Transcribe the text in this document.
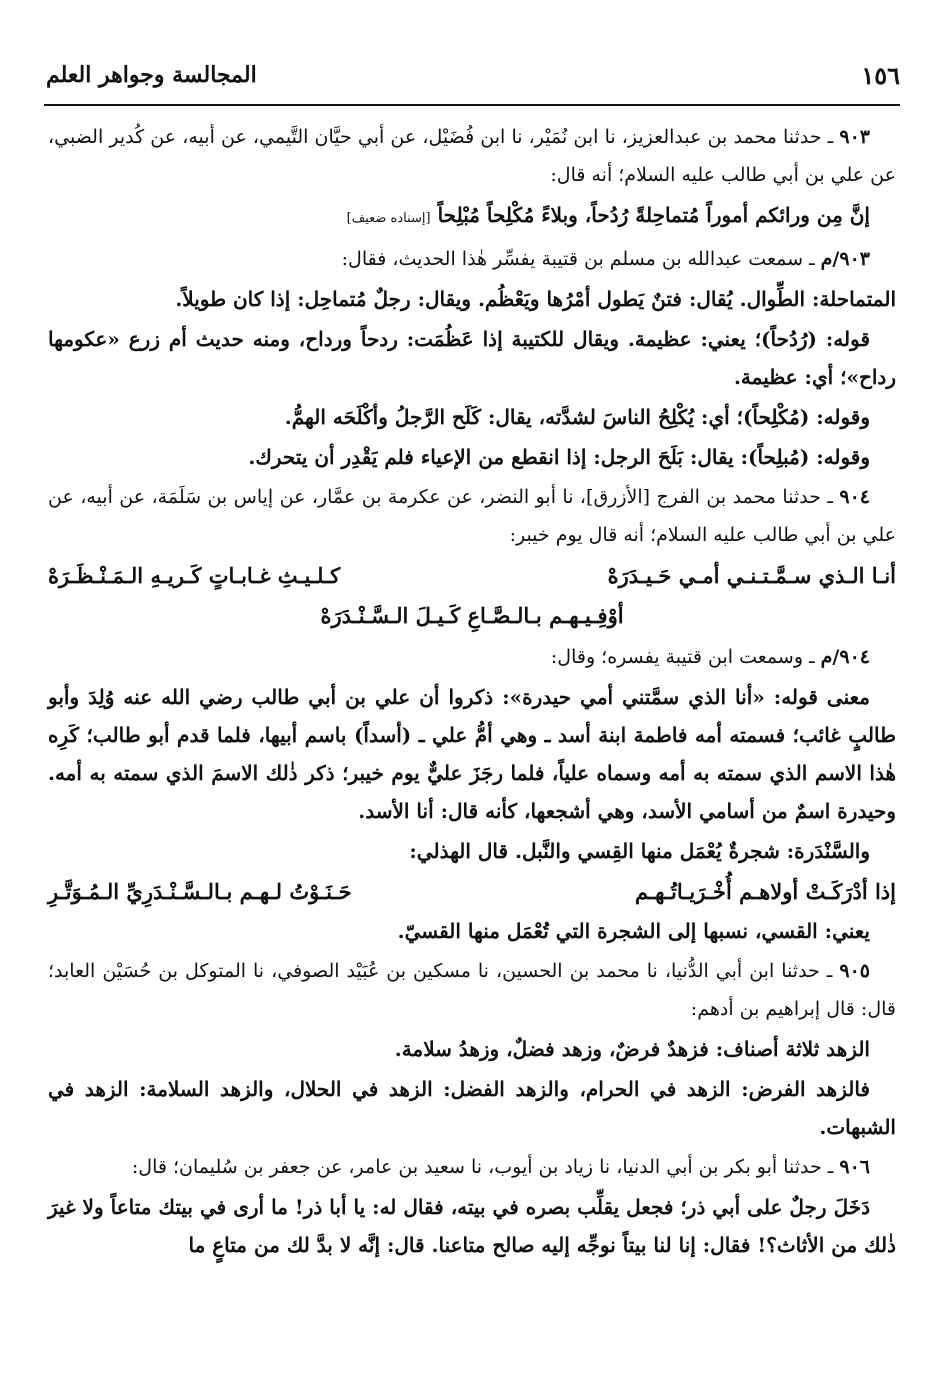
١٥٦
المجالسة وجواهر العلم

٩٠٣ ـ حدثنا محمد بن عبدالعزيز، نا ابن نُمَيْر، نا ابن فُضَيْل، عن أبي حيَّان التَّيمي، عن أبيه، عن كُدير الضبي، عن علي بن أبي طالب عليه السلام؛ أنه قال:

إنَّ مِن ورائكم أموراً مُتماحِلةً رُدُحاً، وبلاءً مُكْلِحاً مُبْلِحاً [إسناده ضعيف]

٩٠٣/م ـ سمعت عبدالله بن مسلم بن قتيبة يفسِّر هٰذا الحديث، فقال:

المتماحلة: الطِّوال. يُقال: فتنٌ يَطول أمْرُها ويَعْظُم. ويقال: رجلٌ مُتماحِل: إذا كان طويلاً.

قوله: (رُدُحاً)؛ يعني: عظيمة. ويقال للكتيبة إذا عَظُمَت: ردحاً ورداح، ومنه حديث أم زرع «عكومها رداح»؛ أي: عظيمة.

وقوله: (مُكْلِحاً)؛ أي: يُكْلِحُ الناسَ لشدَّته، يقال: كَلَح الرَّجلُ وأكْلَحَه الهمُّ.

وقوله: (مُبلِحاً): يقال: بَلَحَ الرجل: إذا انقطع من الإعياء فلم يَقْدِر أن يتحرك.

٩٠٤ ـ حدثنا محمد بن الفرج [الأزرق]، نا أبو النضر، عن عكرمة بن عمَّار، عن إياس بن سَلَمَة، عن أبيه، عن علي بن أبي طالب عليه السلام؛ أنه قال يوم خيبر:

أنـا الـذي سـمَّـتـنـي أمـي حَـيـدَرَهْ
كـلـيـثِ غـابـاتٍ كَـريـهِ الـمَـنْـظَـرَهْ

أوْفِـيـهـم بـالـصَّـاعِ كَـيـلَ الـسَّـنْـدَرَهْ

٩٠٤/م ـ وسمعت ابن قتيبة يفسره؛ وقال:

معنى قوله: «أنا الذي سمَّتني أمي حيدرة»: ذكروا أن علي بن أبي طالب رضي الله عنه وُلِدَ وأبو طالبٍ غائب؛ فسمته أمه فاطمة ابنة أسد ـ وهي أمُّ علي ـ (أسداً) باسم أبيها، فلما قدم أبو طالب؛ كَرِه هٰذا الاسم الذي سمته به أمه وسماه علياً، فلما رجَزَ عليٌّ يوم خيبر؛ ذكر ذٰلك الاسمَ الذي سمته به أمه. وحيدرة اسمٌ من أسامي الأسد، وهي أشجعها، كأنه قال: أنا الأسد.

والسَّنْدَرة: شجرةٌ يُعْمَل منها القِسي والنَّبل. قال الهذلي:

إذا أدْرَكَـتْ أولاهـم أُخْـرَيـاتُـهـم
حَـنَـوْتُ لـهـم بـالـسَّـنْـدَرِيِّ الـمُـوَتَّـرِ

يعني: القسي، نسبها إلى الشجرة التي تُعْمَل منها القسيّ.

٩٠٥ ـ حدثنا ابن أبي الدُّنيا، نا محمد بن الحسين، نا مسكين بن عُبَيْد الصوفي، نا المتوكل بن حُسَيْن العابد؛ قال: قال إبراهيم بن أدهم:

الزهد ثلاثة أصناف: فزهدٌ فرضٌ، وزهد فضلٌ، وزهدُ سلامة.

فالزهد الفرض: الزهد في الحرام، والزهد الفضل: الزهد في الحلال، والزهد السلامة: الزهد في الشبهات.

٩٠٦ ـ حدثنا أبو بكر بن أبي الدنيا، نا زياد بن أيوب، نا سعيد بن عامر، عن جعفر بن سُليمان؛ قال:

دَخَلَ رجلٌ على أبي ذر؛ فجعل يقلِّب بصره في بيته، فقال له: يا أبا ذر! ما أرى في بيتك متاعاً ولا غيرَ ذٰلك من الأثاث؟! فقال: إنا لنا بيتاً نوجِّه إليه صالح متاعنا. قال: إنَّه لا بدَّ لك من متاعٍ ما
